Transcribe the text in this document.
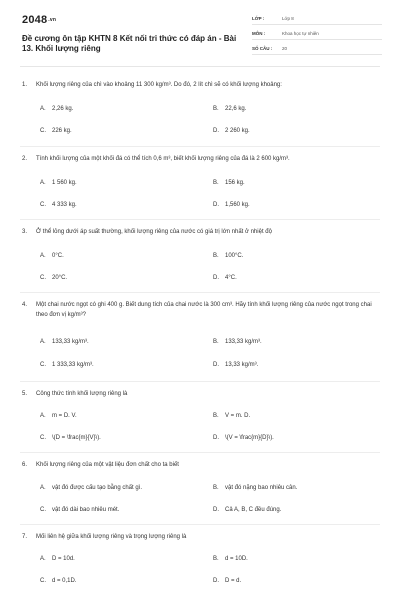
2048.vn
Đề cương ôn tập KHTN 8 Kết nối tri thức có đáp án - Bài 13. Khối lượng riêng
LỚP :	Lớp 8
MÔN :	Khoa học tự nhiên
SỐ CÂU :	20
1. Khối lượng riêng của chì vào khoảng 11 300 kg/m³. Do đó, 2 lít chì sẽ có khối lượng khoảng:
A. 2,26 kg.	B. 22,6 kg.
C. 226 kg.	D. 2 260 kg.
2. Tính khối lượng của một khối đá có thể tích 0,6 m³, biết khối lượng riêng của đá là 2 600 kg/m³.
A. 1 560 kg.	B. 156 kg.
C. 4 333 kg.	D. 1,560 kg.
3. Ở thể lỏng dưới áp suất thường, khối lượng riêng của nước có giá trị lớn nhất ở nhiệt độ
A. 0°C.	B. 100°C.
C. 20°C.	D. 4°C.
4. Một chai nước ngọt có ghi 400 g. Biết dung tích của chai nước là 300 cm³. Hãy tính khối lượng riêng của nước ngọt trong chai theo đơn vị kg/m³?
A. 133,33 kg/m³.	B. 133,33 kg/m³.
C. 1 333,33 kg/m³.	D. 13,33 kg/m³.
5. Công thức tính khối lượng riêng là
A. m = D. V.	B. V = m. D.
C. \(D = \frac{m}{V}\).	D. \(V = \frac{m}{D}\).
6. Khối lượng riêng của một vật liệu đơn chất cho ta biết
A. vật đó được cấu tạo bằng chất gì.	B. vật đó nặng bao nhiêu cân.
C. vật đó dài bao nhiêu mét.	D. Cả A, B, C đều đúng.
7. Mối liên hệ giữa khối lượng riêng và trọng lượng riêng là
A. D = 10d.	B. d = 10D.
C. d = 0,1D.	D. D = d.
